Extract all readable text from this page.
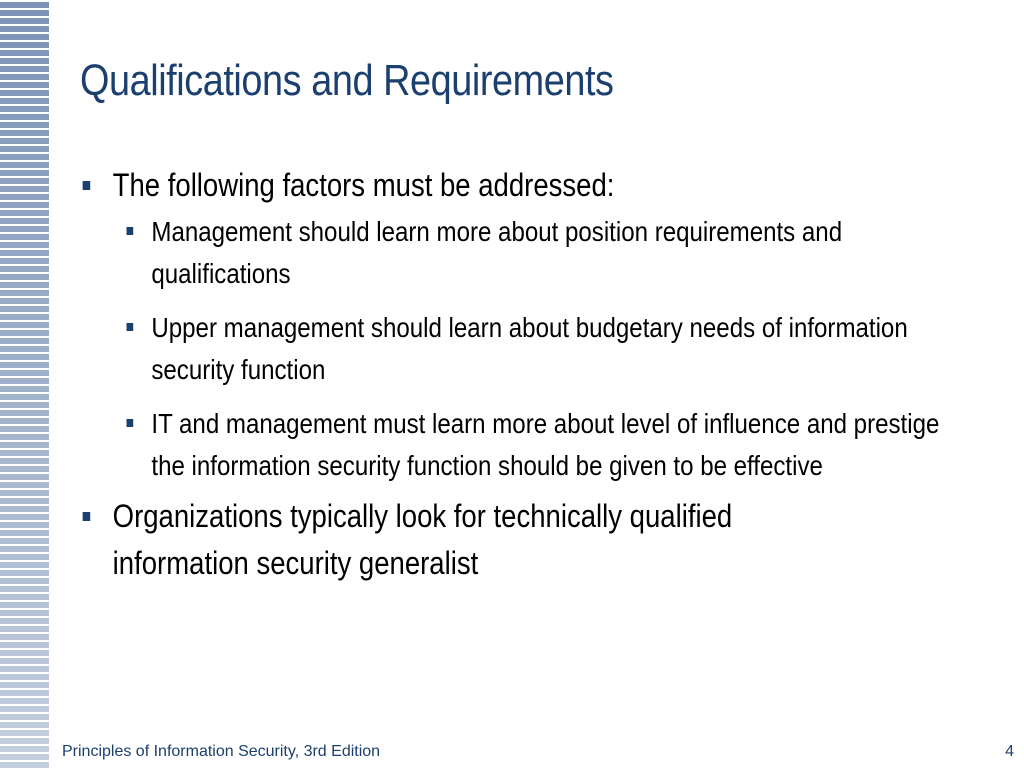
Qualifications and Requirements
The following factors must be addressed:
Management should learn more about position requirements and qualifications
Upper management should learn about budgetary needs of information security function
IT and management must learn more about level of influence and prestige the information security function should be given to be effective
Organizations typically look for technically qualified information security generalist
Principles of Information Security, 3rd Edition	4
